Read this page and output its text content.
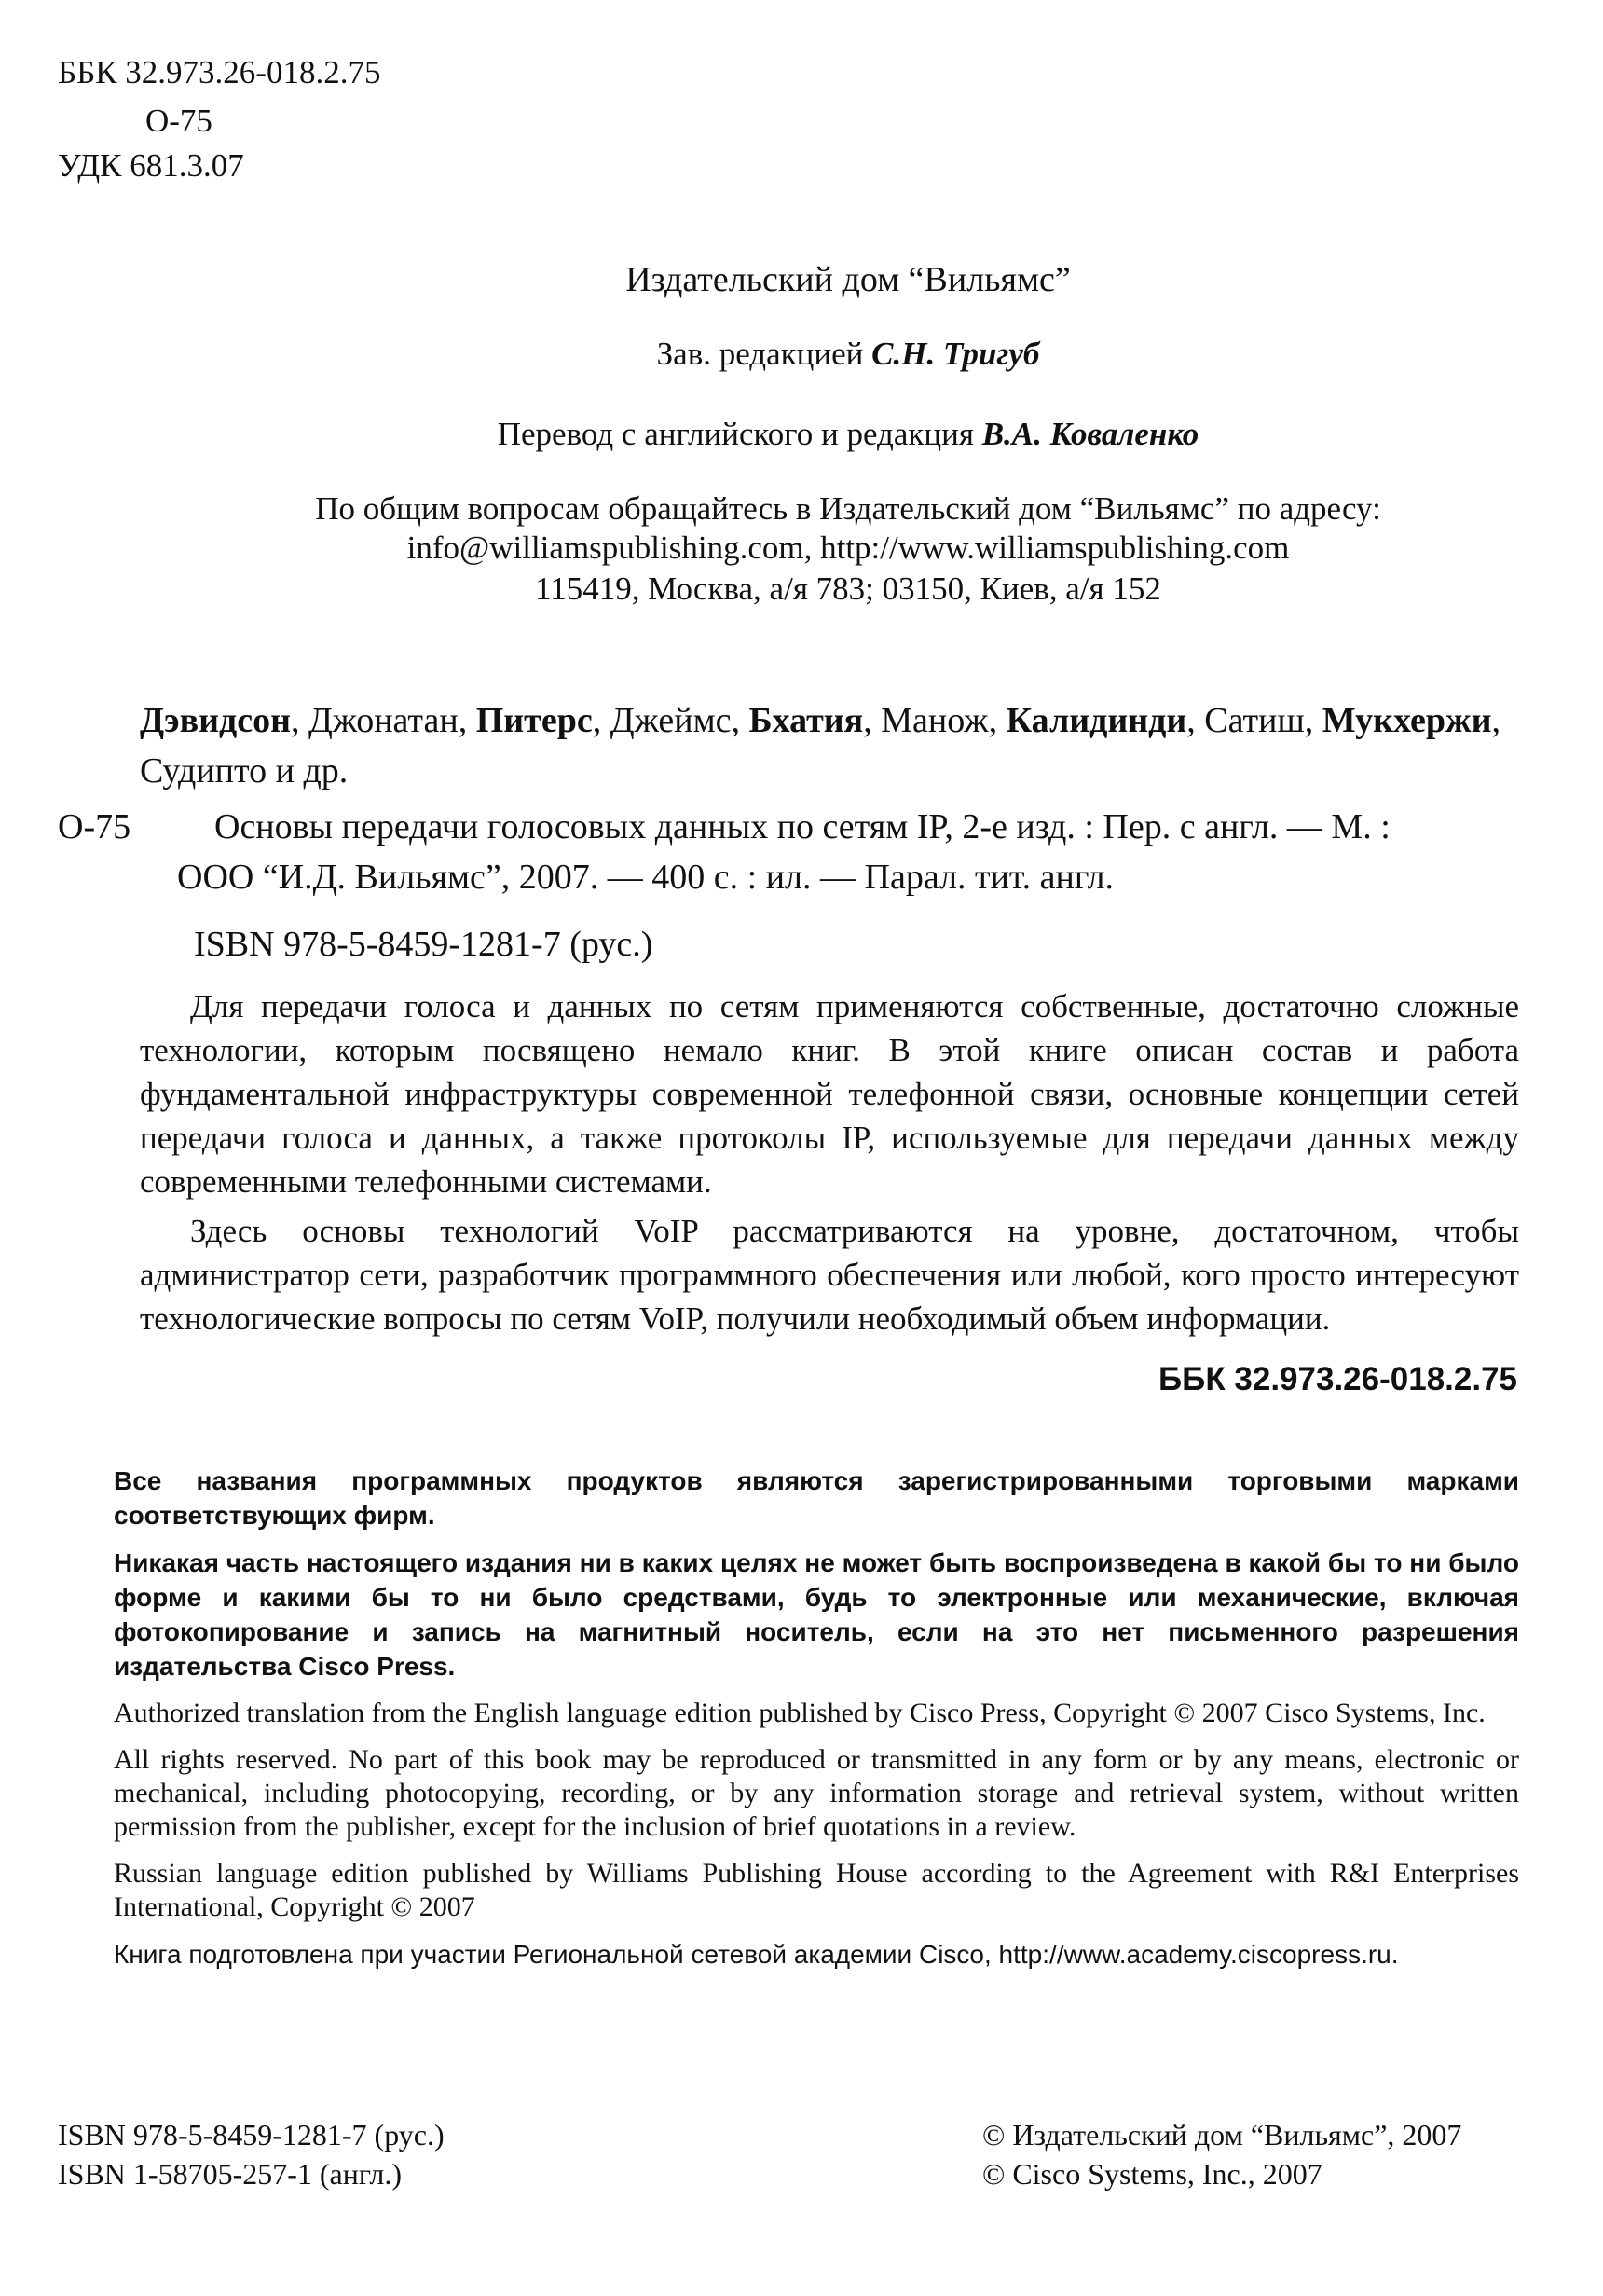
ББК 32.973.26-018.2.75
О-75
УДК 681.3.07
Издательский дом “Вильямс”
Зав. редакцией С.Н. Тригуб
Перевод с английского и редакция В.А. Коваленко
По общим вопросам обращайтесь в Издательский дом “Вильямс” по адресу:
info@williamspublishing.com, http://www.williamspublishing.com
115419, Москва, а/я 783; 03150, Киев, а/я 152
Дэвидсон, Джонатан, Питерс, Джеймс, Бхатия, Манож, Калидинди, Сатиш, Мукхержи, Судипто и др.
О-75 Основы передачи голосовых данных по сетям IP, 2-е изд. : Пер. с англ. — М. :
ООО “И.Д. Вильямс”, 2007. — 400 с. : ил. — Парал. тит. англ.
ISBN 978-5-8459-1281-7 (рус.)

Для передачи голоса и данных по сетям применяются собственные, достаточно сложные технологии, которым посвящено немало книг. В этой книге описан состав и работа фундаментальной инфраструктуры современной телефонной связи, основные концепции сетей передачи голоса и данных, а также протоколы IP, используемые для передачи данных между современными телефонными системами.

Здесь основы технологий VoIP рассматриваются на уровне, достаточном, чтобы администратор сети, разработчик программного обеспечения или любой, кого просто интересуют технологические вопросы по сетям VoIP, получили необходимый объем информации.

ББК 32.973.26-018.2.75

Все названия программных продуктов являются зарегистрированными торговыми марками соответствующих фирм.

Никакая часть настоящего издания ни в каких целях не может быть воспроизведена в какой бы то ни было форме и какими бы то ни было средствами, будь то электронные или механические, включая фотокопирование и запись на магнитный носитель, если на это нет письменного разрешения издательства Cisco Press.

Authorized translation from the English language edition published by Cisco Press, Copyright © 2007 Cisco Systems, Inc.

All rights reserved. No part of this book may be reproduced or transmitted in any form or by any means, electronic or mechanical, including photocopying, recording, or by any information storage and retrieval system, without written permission from the publisher, except for the inclusion of brief quotations in a review.

Russian language edition published by Williams Publishing House according to the Agreement with R&I Enterprises International, Copyright © 2007

Книга подготовлена при участии Региональной сетевой академии Cisco, http://www.academy.ciscopress.ru.

ISBN 978-5-8459-1281-7 (рус.)
ISBN 1-58705-257-1 (англ.)
© Издательский дом “Вильямс”, 2007
© Cisco Systems, Inc., 2007
